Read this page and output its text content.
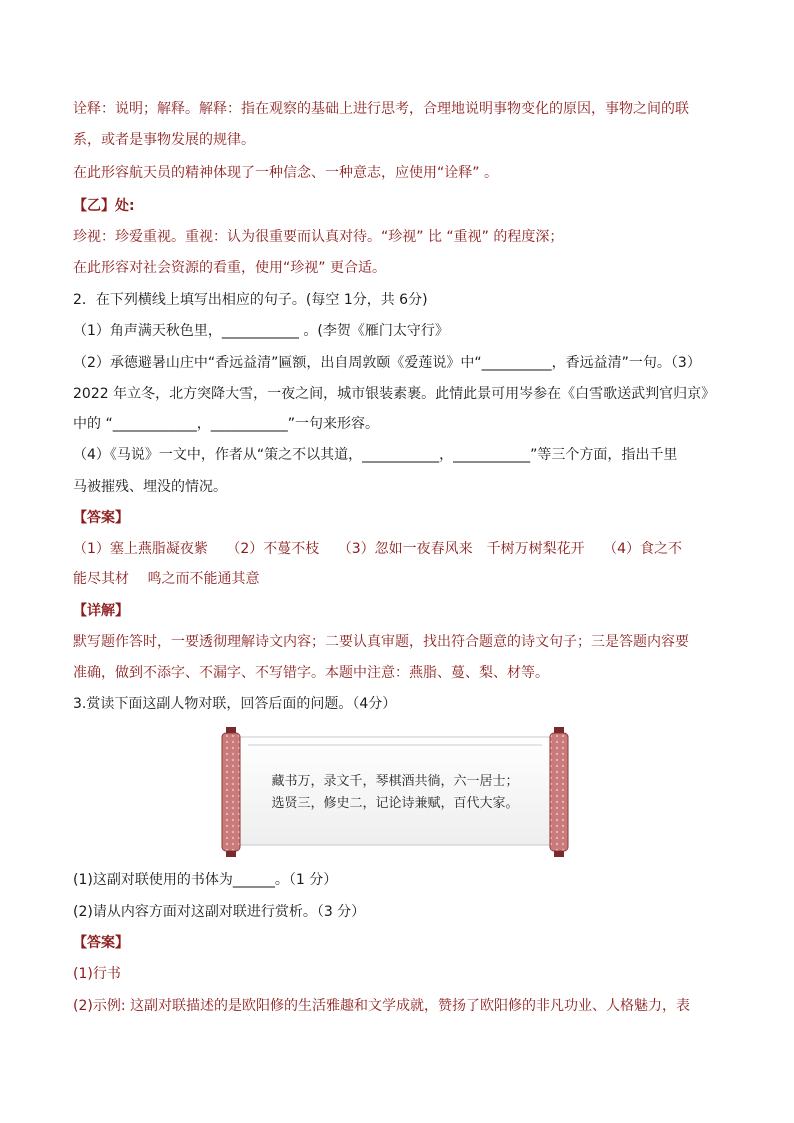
诠释：说明；解释。解释：指在观察的基础上进行思考，合理地说明事物变化的原因，事物之间的联
系，或者是事物发展的规律。
在此形容航天员的精神体现了一种信念、一种意志，应使用“诠释” 。
【乙】处:
珍视：珍爱重视。重视：认为很重要而认真对待。“珍视” 比 “重视” 的程度深；
在此形容对社会资源的看重，使用“珍视” 更合适。
2．在下列横线上填写出相应的句子。(每空 1分，共 6分)
（1）角声满天秋色里，___________ 。(李贺《雁门太守行》
（2）承德避暑山庄中“香远益清”匾额，出自周敦颐《爱莲说》中“__________，香远益清”一句。（3）
2022 年立冬，北方突降大雪，一夜之间，城市银装素裹。此情此景可用岑参在《白雪歌送武判官归京》
中的 “____________，___________”一句来形容。
（4）《马说》一文中，作者从“策之不以其道，___________，___________”等三个方面，指出千里
马被摧残、埋没的情况。
【答案】
（1）塞上燕脂凝夜紫　 （2）不蔓不枝　 （3）忽如一夜春风来　千树万树梨花开　 （4）食之不
能尽其材　 鸣之而不能通其意
【详解】
默写题作答时，一要透彻理解诗文内容；二要认真审题，找出符合题意的诗文句子；三是答题内容要
准确，做到不添字、不漏字、不写错字。本题中注意：燕脂、蔓、梨、材等。
3.赏读下面这副人物对联，回答后面的问题。（4分）
藏书万，录文千，琴棋酒共徜，六一居士；
选贤三，修史二，记论诗兼赋，百代大家。
(1)这副对联使用的书体为______。（1 分）
(2)请从内容方面对这副对联进行赏析。（3 分）
【答案】
(1)行书
(2)示例: 这副对联描述的是欧阳修的生活雅趣和文学成就，赞扬了欧阳修的非凡功业、人格魅力，表
